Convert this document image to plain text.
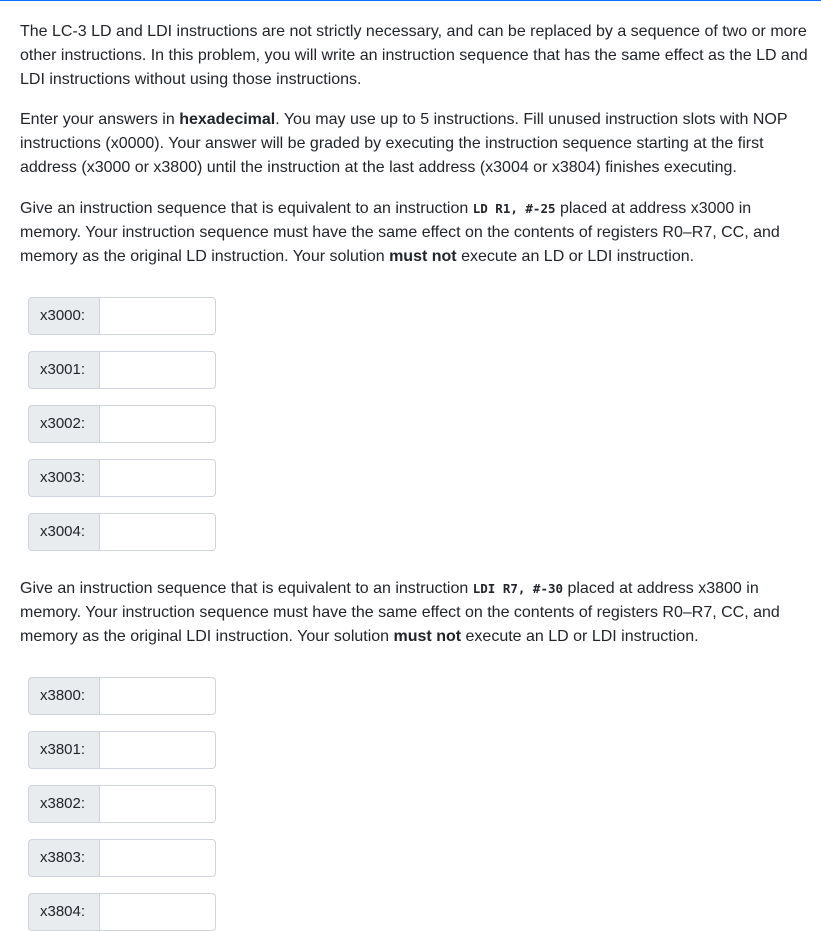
The LC-3 LD and LDI instructions are not strictly necessary, and can be replaced by a sequence of two or more other instructions. In this problem, you will write an instruction sequence that has the same effect as the LD and LDI instructions without using those instructions.

Enter your answers in hexadecimal. You may use up to 5 instructions. Fill unused instruction slots with NOP instructions (x0000). Your answer will be graded by executing the instruction sequence starting at the first address (x3000 or x3800) until the instruction at the last address (x3004 or x3804) finishes executing.

Give an instruction sequence that is equivalent to an instruction LD R1, #-25 placed at address x3000 in memory. Your instruction sequence must have the same effect on the contents of registers R0–R7, CC, and memory as the original LD instruction. Your solution must not execute an LD or LDI instruction.

x3000:
x3001:
x3002:
x3003:
x3004:

Give an instruction sequence that is equivalent to an instruction LDI R7, #-30 placed at address x3800 in memory. Your instruction sequence must have the same effect on the contents of registers R0–R7, CC, and memory as the original LDI instruction. Your solution must not execute an LD or LDI instruction.

x3800:
x3801:
x3802:
x3803:
x3804:
